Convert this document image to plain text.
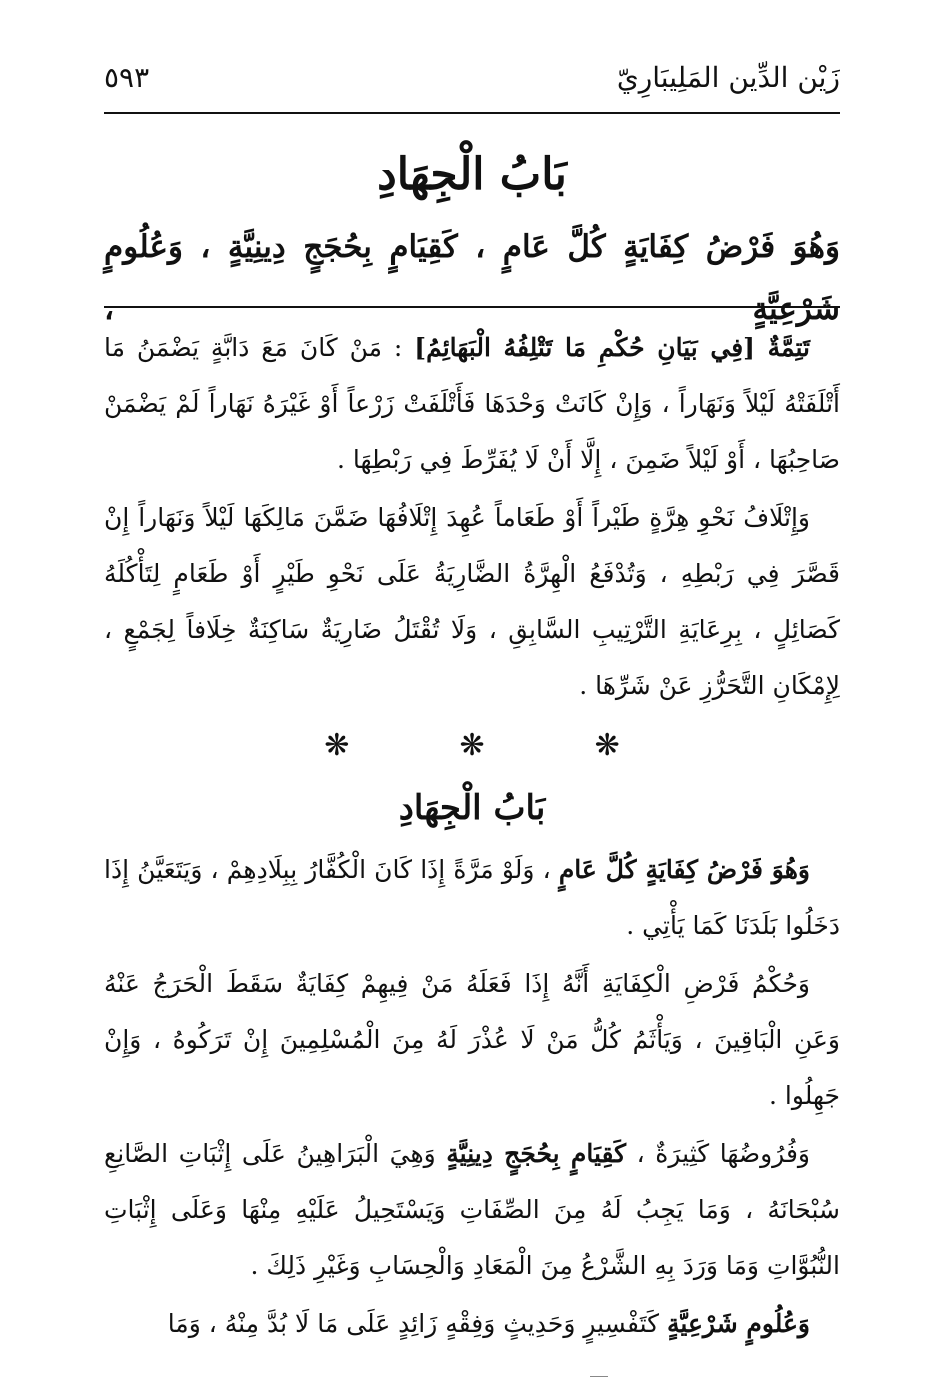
زَيْن الدِّين المَلِيبَارِيّ
٥٩٣
بَابُ الْجِهَادِ
وَهُوَ فَرْضُ كِفَايَةٍ كُلَّ عَامٍ ، كَقِيَامٍ بِحُجَجٍ دِينِيَّةٍ ، وَعُلُومٍ شَرْعِيَّةٍ ،

تَتِمَّةٌ [فِي بَيَانِ حُكْمِ مَا تَتْلِفُهُ الْبَهَائِمُ] : مَنْ كَانَ مَعَ دَابَّةٍ يَضْمَنُ مَا أَتْلَفَتْهُ لَيْلاً وَنَهَاراً ، وَإِنْ كَانَتْ وَحْدَهَا فَأَتْلَفَتْ زَرْعاً أَوْ غَيْرَهُ نَهَاراً لَمْ يَضْمَنْ صَاحِبُهَا ، أَوْ لَيْلاً ضَمِنَ ، إِلَّا أَنْ لَا يُفَرِّطَ فِي رَبْطِهَا .

وَإِتْلَافُ نَحْوِ هِرَّةٍ طَيْراً أَوْ طَعَاماً عُهِدَ إِتْلَافُهَا ضَمَّنَ مَالِكَهَا لَيْلاً وَنَهَاراً إِنْ قَصَّرَ فِي رَبْطِهِ ، وَتُدْفَعُ الْهِرَّةُ الضَّارِيَةُ عَلَى نَحْوِ طَيْرٍ أَوْ طَعَامٍ لِتَأْكُلَهُ كَصَائِلٍ ، بِرِعَايَةِ التَّرْتِيبِ السَّابِقِ ، وَلَا تُقْتَلُ ضَارِيَةٌ سَاكِنَةٌ خِلَافاً لِجَمْعٍ ، لِإِمْكَانِ التَّحَرُّزِ عَنْ شَرِّهَا .

❋
❋
❋
بَابُ الْجِهَادِ

وَهُوَ فَرْضُ كِفَايَةٍ كُلَّ عَامٍ ، وَلَوْ مَرَّةً إِذَا كَانَ الْكُفَّارُ بِبِلَادِهِمْ ، وَيَتَعَيَّنُ إِذَا دَخَلُوا بَلَدَنَا كَمَا يَأْتِي .

وَحُكْمُ فَرْضِ الْكِفَايَةِ أَنَّهُ إِذَا فَعَلَهُ مَنْ فِيهِمْ كِفَايَةٌ سَقَطَ الْحَرَجُ عَنْهُ وَعَنِ الْبَاقِينَ ، وَيَأْثَمُ كُلُّ مَنْ لَا عُذْرَ لَهُ مِنَ الْمُسْلِمِينَ إِنْ تَرَكُوهُ ، وَإِنْ جَهِلُوا .

وَفُرُوضُهَا كَثِيرَةٌ ، كَقِيَامٍ بِحُجَجٍ دِينِيَّةٍ وَهِيَ الْبَرَاهِينُ عَلَى إِثْبَاتِ الصَّانِعِ سُبْحَانَهُ ، وَمَا يَجِبُ لَهُ مِنَ الصِّفَاتِ وَيَسْتَحِيلُ عَلَيْهِ مِنْهَا وَعَلَى إِثْبَاتِ النُّبُوَّاتِ وَمَا وَرَدَ بِهِ الشَّرْعُ مِنَ الْمَعَادِ وَالْحِسَابِ وَغَيْرِ ذَلِكَ .

وَعُلُومٍ شَرْعِيَّةٍ كَتَفْسِيرٍ وَحَدِيثٍ وَفِقْهٍ زَائِدٍ عَلَى مَا لَا بُدَّ مِنْهُ ، وَمَا
